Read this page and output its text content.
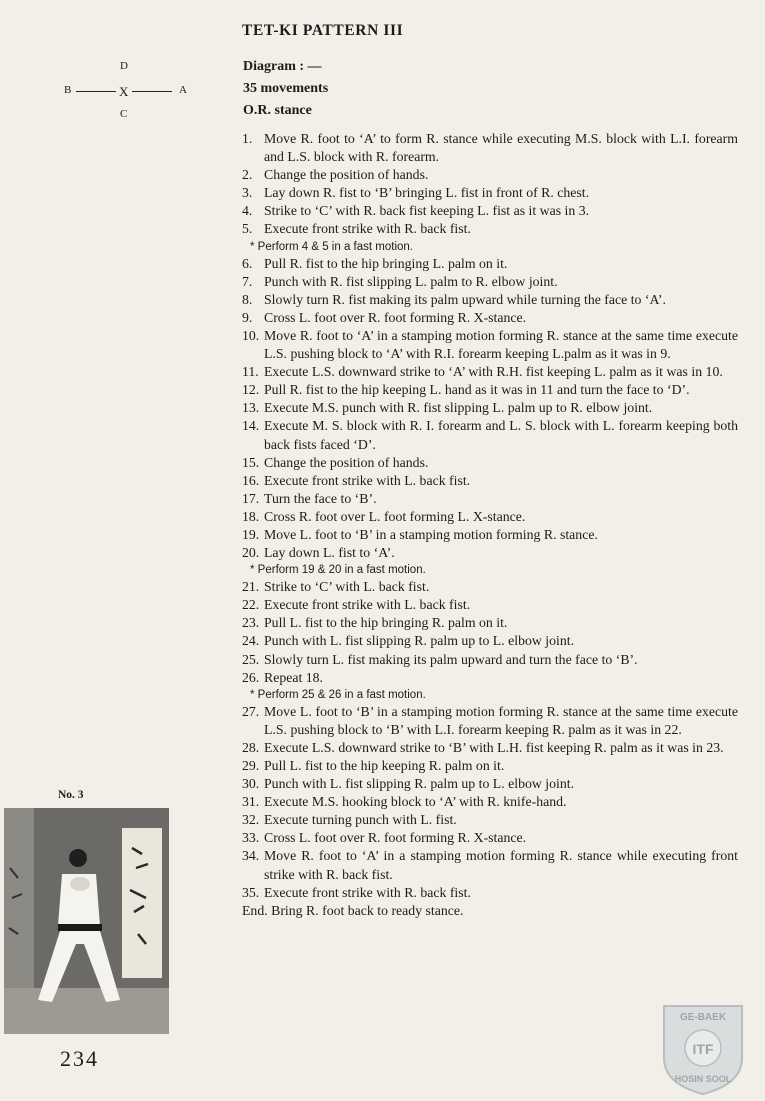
TET-KI PATTERN III
Diagram : —
35 movements
O.R. stance
D
B	X	A
C
1. Move R. foot to ‘A’ to form R. stance while executing M.S. block with L.I. forearm and L.S. block with R. forearm.
2. Change the position of hands.
3. Lay down R. fist to ‘B’ bringing L. fist in front of R. chest.
4. Strike to ‘C’ with R. back fist keeping L. fist as it was in 3.
5. Execute front strike with R. back fist.
* Perform 4 & 5 in a fast motion.
6. Pull R. fist to the hip bringing L. palm on it.
7. Punch with R. fist slipping L. palm to R. elbow joint.
8. Slowly turn R. fist making its palm upward while turning the face to ‘A’.
9. Cross L. foot over R. foot forming R. X-stance.
10. Move R. foot to ‘A’ in a stamping motion forming R. stance at the same time execute L.S. pushing block to ‘A’ with R.I. forearm keeping L.palm as it was in 9.
11. Execute L.S. downward strike to ‘A’ with R.H. fist keeping L. palm as it was in 10.
12. Pull R. fist to the hip keeping L. hand as it was in 11 and turn the face to ‘D’.
13. Execute M.S. punch with R. fist slipping L. palm up to R. elbow joint.
14. Execute M. S. block with R. I. forearm and L. S. block with L. forearm keeping both back fists faced ‘D’.
15. Change the position of hands.
16. Execute front strike with L. back fist.
17. Turn the face to ‘B’.
18. Cross R. foot over L. foot forming L. X-stance.
19. Move L. foot to ‘B’ in a stamping motion forming R. stance.
20. Lay down L. fist to ‘A’.
* Perform 19 & 20 in a fast motion.
21. Strike to ‘C’ with L. back fist.
22. Execute front strike with L. back fist.
23. Pull L. fist to the hip bringing R. palm on it.
24. Punch with L. fist slipping R. palm up to L. elbow joint.
25. Slowly turn L. fist making its palm upward and turn the face to ‘B’.
26. Repeat 18.
* Perform 25 & 26 in a fast motion.
27. Move L. foot to ‘B’ in a stamping motion forming R. stance at the same time execute L.S. pushing block to ‘B’ with L.I. forearm keeping R. palm as it was in 22.
28. Execute L.S. downward strike to ‘B’ with L.H. fist keeping R. palm as it was in 23.
29. Pull L. fist to the hip keeping R. palm on it.
30. Punch with L. fist slipping R. palm up to L. elbow joint.
31. Execute M.S. hooking block to ‘A’ with R. knife-hand.
32. Execute turning punch with L. fist.
33. Cross L. foot over R. foot forming R. X-stance.
34. Move R. foot to ‘A’ in a stamping motion forming R. stance while executing front strike with R. back fist.
35. Execute front strike with R. back fist.
End. Bring R. foot back to ready stance.
No. 3
234
GE-BAEK
ITF
HOSIN SOOL
